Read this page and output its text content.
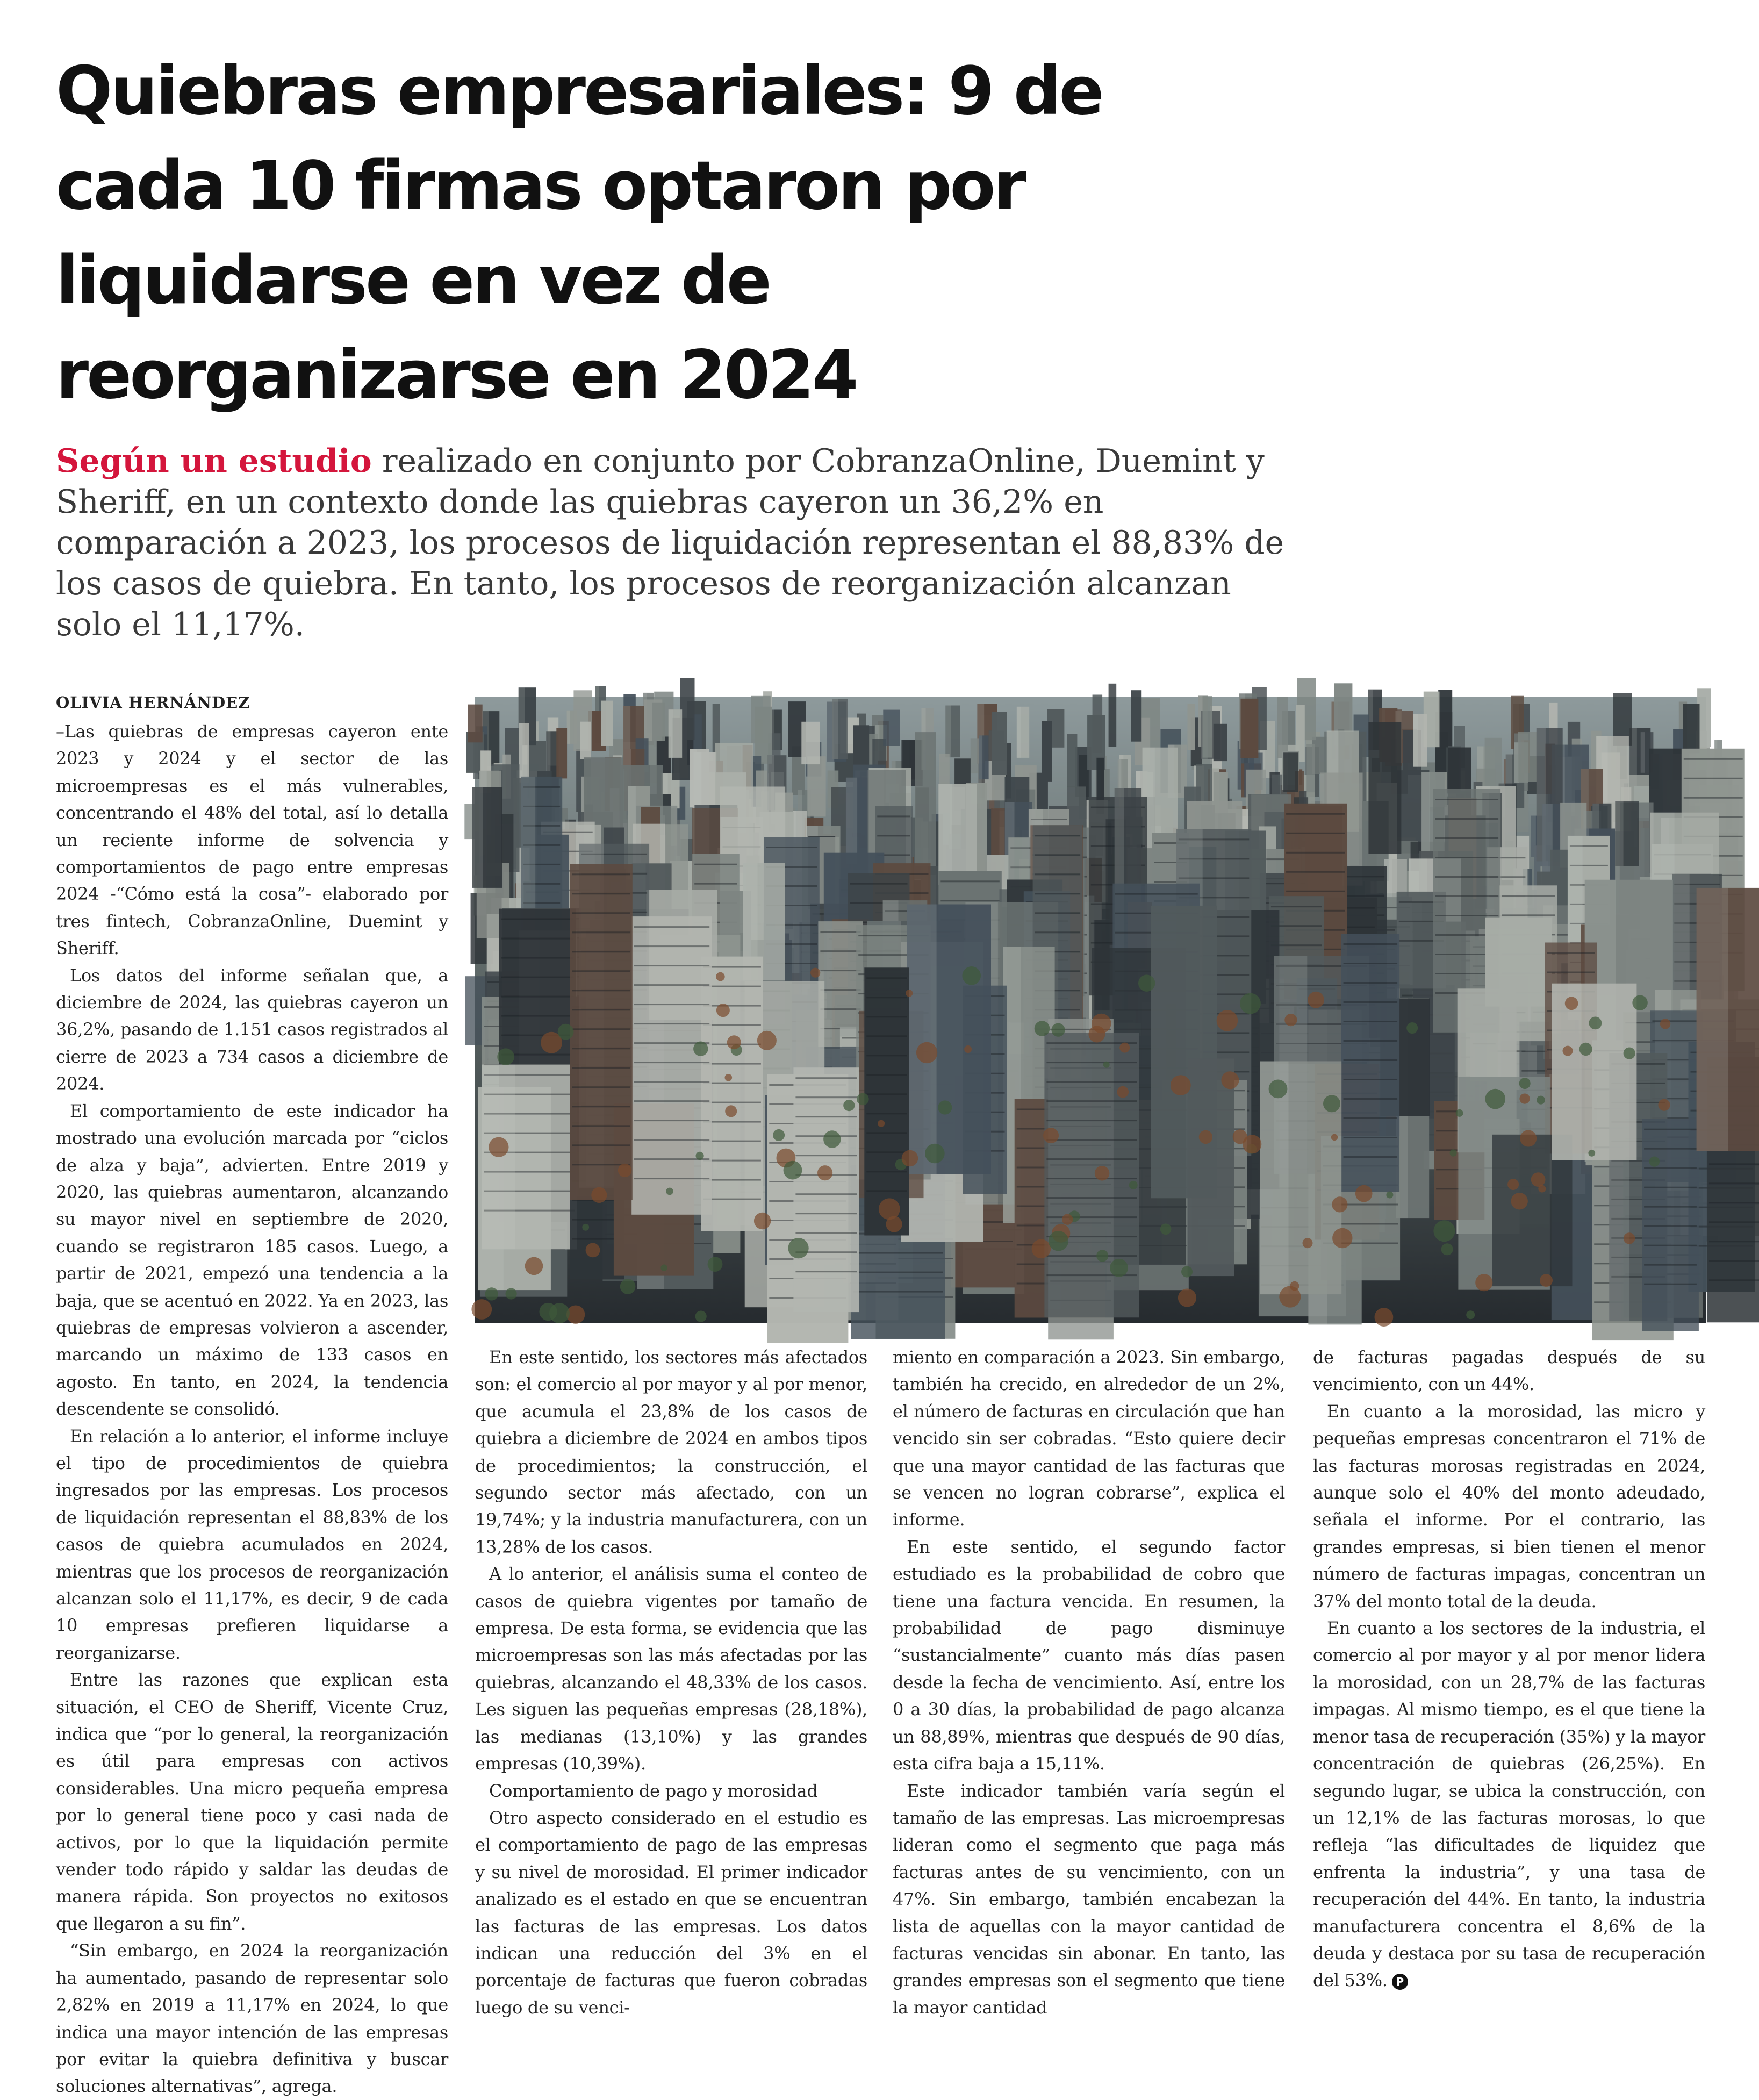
Quiebras empresariales: 9 de cada 10 firmas optaron por liquidarse en vez de reorganizarse en 2024

Según un estudio realizado en conjunto por CobranzaOnline, Duemint y Sheriff, en un contexto donde las quiebras cayeron un 36,2% en comparación a 2023, los procesos de liquidación representan el 88,83% de los casos de quiebra. En tanto, los procesos de reorganización alcanzan solo el 11,17%.

OLIVIA HERNÁNDEZ

–Las quiebras de empresas cayeron ente 2023 y 2024 y el sector de las microempresas es el más vulnerables, concentrando el 48% del total, así lo detalla un reciente informe de solvencia y comportamientos de pago entre empresas 2024 -“Cómo está la cosa”- elaborado por tres fintech, CobranzaOnline, Duemint y Sheriff.

Los datos del informe señalan que, a diciembre de 2024, las quiebras cayeron un 36,2%, pasando de 1.151 casos registrados al cierre de 2023 a 734 casos a diciembre de 2024.

El comportamiento de este indicador ha mostrado una evolución marcada por “ciclos de alza y baja”, advierten. Entre 2019 y 2020, las quiebras aumentaron, alcanzando su mayor nivel en septiembre de 2020, cuando se registraron 185 casos. Luego, a partir de 2021, empezó una tendencia a la baja, que se acentuó en 2022. Ya en 2023, las quiebras de empresas volvieron a ascender, marcando un máximo de 133 casos en agosto. En tanto, en 2024, la tendencia descendente se consolidó.

En relación a lo anterior, el informe incluye el tipo de procedimientos de quiebra ingresados por las empresas. Los procesos de liquidación representan el 88,83% de los casos de quiebra acumulados en 2024, mientras que los procesos de reorganización alcanzan solo el 11,17%, es decir, 9 de cada 10 empresas prefieren liquidarse a reorganizarse.

Entre las razones que explican esta situación, el CEO de Sheriff, Vicente Cruz, indica que “por lo general, la reorganización es útil para empresas con activos considerables. Una micro pequeña empresa por lo general tiene poco y casi nada de activos, por lo que la liquidación permite vender todo rápido y saldar las deudas de manera rápida. Son proyectos no exitosos que llegaron a su fin”.

“Sin embargo, en 2024 la reorganización ha aumentado, pasando de representar solo 2,82% en 2019 a 11,17% en 2024, lo que indica una mayor intención de las empresas por evitar la quiebra definitiva y buscar soluciones alternativas”, agrega.

En este sentido, los sectores más afectados son: el comercio al por mayor y al por menor, que acumula el 23,8% de los casos de quiebra a diciembre de 2024 en ambos tipos de procedimientos; la construcción, el segundo sector más afectado, con un 19,74%; y la industria manufacturera, con un 13,28% de los casos.

A lo anterior, el análisis suma el conteo de casos de quiebra vigentes por tamaño de empresa. De esta forma, se evidencia que las microempresas son las más afectadas por las quiebras, alcanzando el 48,33% de los casos. Les siguen las pequeñas empresas (28,18%), las medianas (13,10%) y las grandes empresas (10,39%).

Comportamiento de pago y morosidad

Otro aspecto considerado en el estudio es el comportamiento de pago de las empresas y su nivel de morosidad. El primer indicador analizado es el estado en que se encuentran las facturas de las empresas. Los datos indican una reducción del 3% en el porcentaje de facturas que fueron cobradas luego de su venci-

miento en comparación a 2023. Sin embargo, también ha crecido, en alrededor de un 2%, el número de facturas en circulación que han vencido sin ser cobradas. “Esto quiere decir que una mayor cantidad de las facturas que se vencen no logran cobrarse”, explica el informe.

En este sentido, el segundo factor estudiado es la probabilidad de cobro que tiene una factura vencida. En resumen, la probabilidad de pago disminuye “sustancialmente” cuanto más días pasen desde la fecha de vencimiento. Así, entre los 0 a 30 días, la probabilidad de pago alcanza un 88,89%, mientras que después de 90 días, esta cifra baja a 15,11%.

Este indicador también varía según el tamaño de las empresas. Las microempresas lideran como el segmento que paga más facturas antes de su vencimiento, con un 47%. Sin embargo, también encabezan la lista de aquellas con la mayor cantidad de facturas vencidas sin abonar. En tanto, las grandes empresas son el segmento que tiene la mayor cantidad

de facturas pagadas después de su vencimiento, con un 44%.

En cuanto a la morosidad, las micro y pequeñas empresas concentraron el 71% de las facturas morosas registradas en 2024, aunque solo el 40% del monto adeudado, señala el informe. Por el contrario, las grandes empresas, si bien tienen el menor número de facturas impagas, concentran un 37% del monto total de la deuda.

En cuanto a los sectores de la industria, el comercio al por mayor y al por menor lidera la morosidad, con un 28,7% de las facturas impagas. Al mismo tiempo, es el que tiene la menor tasa de recuperación (35%) y la mayor concentración de quiebras (26,25%). En segundo lugar, se ubica la construcción, con un 12,1% de las facturas morosas, lo que refleja “las dificultades de liquidez que enfrenta la industria”, y una tasa de recuperación del 44%. En tanto, la industria manufacturera concentra el 8,6% de la deuda y destaca por su tasa de recuperación del 53%. P
